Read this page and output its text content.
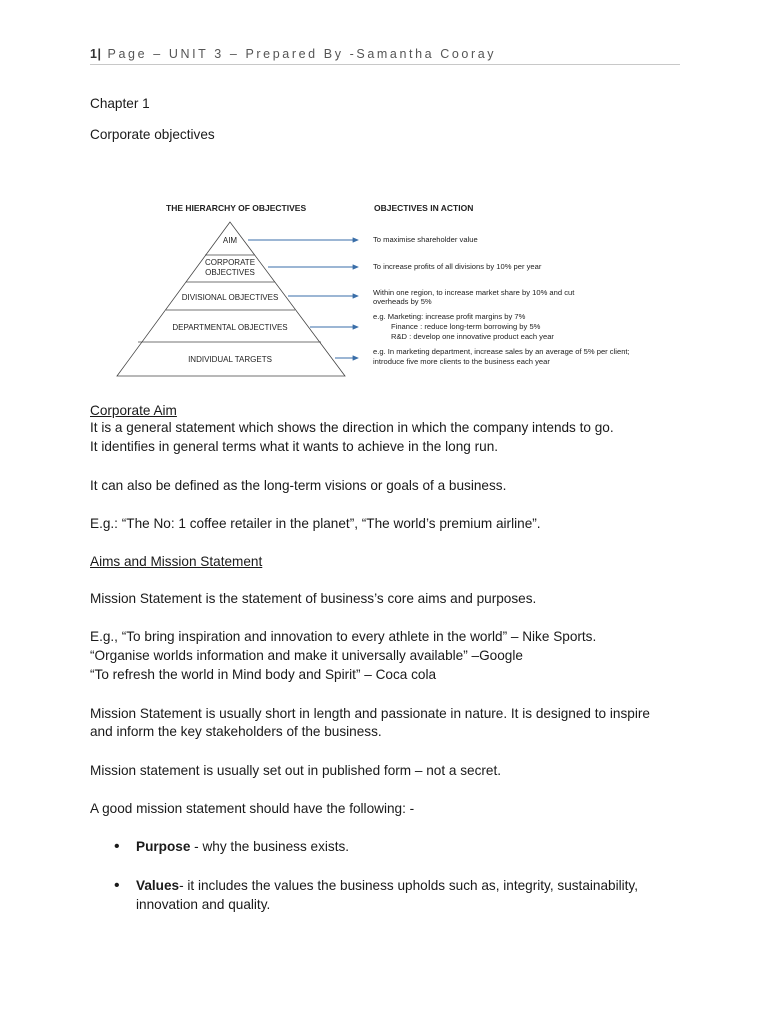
1| Page – UNIT 3 – Prepared By -Samantha Cooray
Chapter 1
Corporate objectives
THE HIERARCHY OF OBJECTIVES	OBJECTIVES IN ACTION
AIM
CORPORATE
OBJECTIVES
DIVISIONAL OBJECTIVES
DEPARTMENTAL OBJECTIVES
INDIVIDUAL TARGETS
To maximise shareholder value
To increase profits of all divisions by 10% per year
Within one region, to increase market share by 10% and cut
overheads by 5%
e.g. Marketing: increase profit margins by 7%
Finance : reduce long-term borrowing by 5%
R&D : develop one innovative product each year
e.g. In marketing department, increase sales by an average of 5% per client;
introduce five more clients to the business each year
Corporate Aim
It is a general statement which shows the direction in which the company intends to go.
It identifies in general terms what it wants to achieve in the long run.
It can also be defined as the long-term visions or goals of a business.
E.g.: “The No: 1 coffee retailer in the planet”, “The world’s premium airline”.
Aims and Mission Statement
Mission Statement is the statement of business’s core aims and purposes.
E.g., “To bring inspiration and innovation to every athlete in the world” – Nike Sports.
“Organise worlds information and make it universally available” –Google
“To refresh the world in Mind body and Spirit” – Coca cola
Mission Statement is usually short in length and passionate in nature. It is designed to inspire
and inform the key stakeholders of the business.
Mission statement is usually set out in published form – not a secret.
A good mission statement should have the following: -
• Purpose - why the business exists.
• Values- it includes the values the business upholds such as, integrity, sustainability,
innovation and quality.
